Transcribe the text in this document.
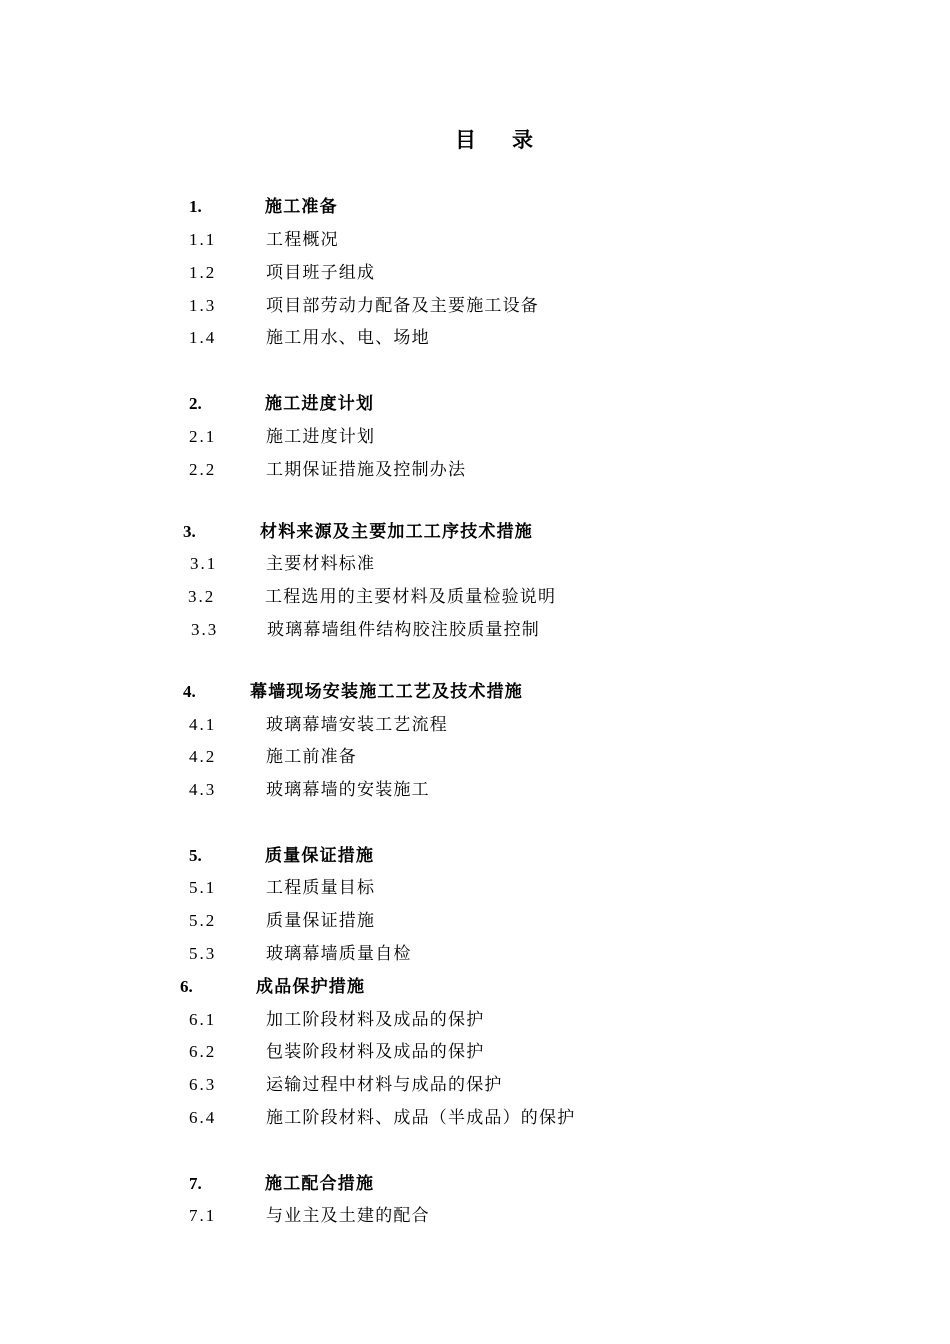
目 录
1.	施工准备
1.1	工程概况
1.2	项目班子组成
1.3	项目部劳动力配备及主要施工设备
1.4	施工用水、电、场地
2.	施工进度计划
2.1	施工进度计划
2.2	工期保证措施及控制办法
3.	材料来源及主要加工工序技术措施
3.1	主要材料标准
3.2	工程选用的主要材料及质量检验说明
3.3	玻璃幕墙组件结构胶注胶质量控制
4.	幕墙现场安装施工工艺及技术措施
4.1	玻璃幕墙安装工艺流程
4.2	施工前准备
4.3	玻璃幕墙的安装施工
5.	质量保证措施
5.1	工程质量目标
5.2	质量保证措施
5.3	玻璃幕墙质量自检
6.	成品保护措施
6.1	加工阶段材料及成品的保护
6.2	包装阶段材料及成品的保护
6.3	运输过程中材料与成品的保护
6.4	施工阶段材料、成品（半成品）的保护
7.	施工配合措施
7.1	与业主及土建的配合
